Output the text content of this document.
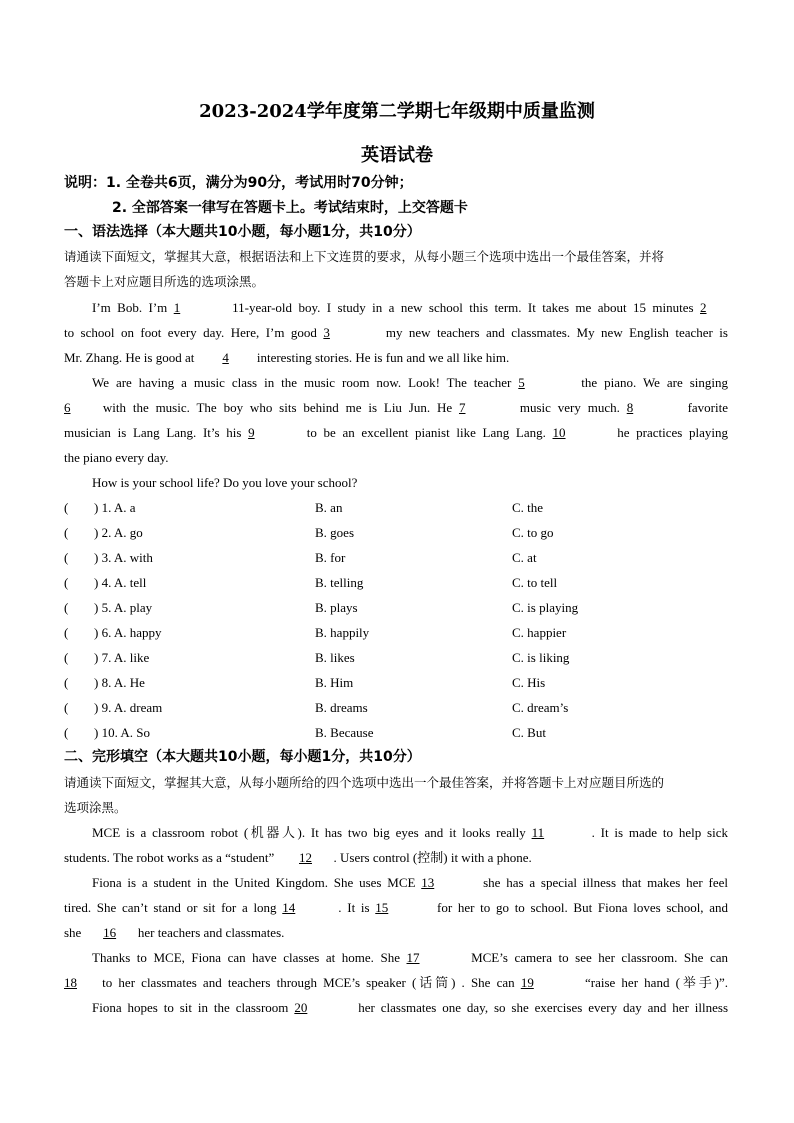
2023-2024学年度第二学期七年级期中质量监测
英语试卷
说明：1. 全卷共6页，满分为90分，考试用时70分钟；
2. 全部答案一律写在答题卡上。考试结束时，上交答题卡
一、语法选择（本大题共10小题，每小题1分，共10分）
请通读下面短文，掌握其大意，根据语法和上下文连贯的要求，从每小题三个选项中选出一个最佳答案，并将
答题卡上对应题目所选的选项涂黑。
I’m Bob. I’m 1	11-year-old boy. I study in a new school this term. It takes me about 15 minutes 2
to school on foot every day. Here, I’m good 3	my new teachers and classmates. My new English teacher is
Mr. Zhang. He is good at 4 interesting stories. He is fun and we all like him.
We are having a music class in the music room now. Look! The teacher 5	the piano. We are singing
6 with the music. The boy who sits behind me is Liu Jun. He 7	music very much. 8	favorite
musician is Lang Lang. It’s his 9	to be an excellent pianist like Lang Lang. 10	he practices playing
the piano every day.
How is your school life? Do you love your school?
( ) 1. A. a	B. an	C. the
( ) 2. A. go	B. goes	C. to go
( ) 3. A. with	B. for	C. at
( ) 4. A. tell	B. telling	C. to tell
( ) 5. A. play	B. plays	C. is playing
( ) 6. A. happy	B. happily	C. happier
( ) 7. A. like	B. likes	C. is liking
( ) 8. A. He	B. Him	C. His
( ) 9. A. dream	B. dreams	C. dream’s
( ) 10. A. So	B. Because	C. But
二、完形填空（本大题共10小题，每小题1分，共10分）
请通读下面短文，掌握其大意，从每小题所给的四个选项中选出一个最佳答案，并将答题卡上对应题目所选的
选项涂黑。
MCE is a classroom robot (机器人). It has two big eyes and it looks really 11	. It is made to help sick
students. The robot works as a “student” 12 . Users control (控制) it with a phone.
Fiona is a student in the United Kingdom. She uses MCE 13	she has a special illness that makes her feel
tired. She can’t stand or sit for a long 14	. It is 15	for her to go to school. But Fiona loves school, and
she 16 her teachers and classmates.
Thanks to MCE, Fiona can have classes at home. She 17	MCE’s camera to see her classroom. She can
18 to her classmates and teachers through MCE’s speaker (话筒) . She can 19	“raise her hand (举手)”.
Fiona hopes to sit in the classroom 20	her classmates one day, so she exercises every day and her illness
